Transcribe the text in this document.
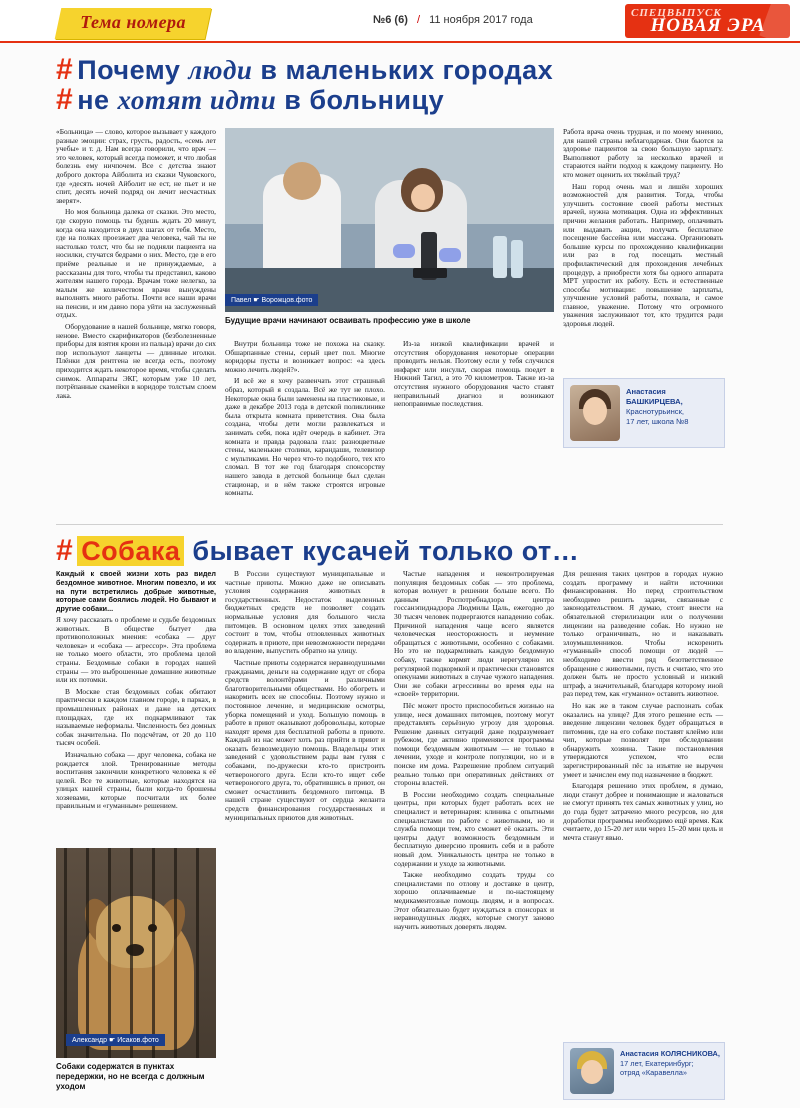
Тема номера	№6 (6) / 11 ноября 2017 года
СПЕЦВЫПУСК
НОВАЯ ЭРА
# Почему люди в маленьких городах
# не хотят идти в больницу

«Больница» — слово, которое вызывает у каждого разные эмоции: страх, грусть, радость, «семь лет учебы» и т. д. Нам всегда говорили, что врач — это человек, который всегда поможет, и что любая болезнь ему ничпочем. Все с детства знают доброго доктора Айболита из сказки Чуковского, где «десять ночей Айболит не ест, не пьет и не спит, десять ночей подряд он лечит несчастных зверят».

Но моя больница далека от сказки. Это место, где скорую помощь ты будешь ждать 20 минут, когда она находится в двух шагах от тебя. Место, где на полках проезжает два человека, чай ты не настолько толст, что бы не подняли пациента на носилки, стучатся бедрами о них. Место, где в его приёме реальные и не принуждаемые, а рассказаны для того, чтобы ты представил, каково жителям нашего города. Врачам тоже нелегко, за малым же количеством врачи вынуждены выполнять много работы. Почти все наши врачи на пенсии, и им давно пора уйти на заслуженный отдых.

Оборудование в нашей больнице, мягко говоря, ненове. Вместо скарификаторов (безболезненные приборы для взятия крови из пальца) врачи до сих пор используют ланцеты — длинные иголки. Плёнки для рентгена не всегда есть, поэтому приходится ждать некоторое время, чтобы сделать снимок. Аппараты ЭКГ, которым уже 10 лет, потрёпанные скамейки в коридоре толстым слоем лака.

Павел ☛ Ворожцов.фото
Будущие врачи начинают осваивать профессию уже в школе

Внутри больница тоже не похожа на сказку. Обшарпанные стены, серый цвет пол. Многие коридоры пусты и возникает вопрос: «а здесь можно лечить людей?».

И всё же я хочу развенчать этот страшный образ, который я создала. Всё же тут не плохо. Некоторые окна были заменены на пластиковые, и даже в декабре 2013 года в детской поликлинике была открыта комната приветствия. Она была создана, чтобы дети могли развлекаться и занимать себя, пока идёт очередь в кабинет. Эта комната и правда радовала глаз: разноцветные стены, маленькие столики, карандаши, телевизор с мультиками. Но через что-то подобного, тех кто сломал. В тот же год благодаря спонсорству нашего завода в детской больнице был сделан стационар, и в нём также строятся игровые комнаты.

Из-за низкой квалификации врачей и отсутствия оборудования некоторые операции проводить нельзя. Поэтому если у тебя случился инфаркт или инсульт, скорая помощь поедет в Нижний Тагил, а это 70 километров. Также из-за отсутствия нужного оборудования часто ставят неправильный диагноз и возникают непоправимые последствия.

Работа врача очень трудная, и по моему мнению, для нашей страны неблагодарная. Они бьются за здоровье пациентов за свою большую зарплату. Выполняют работу за несколько врачей и стараются найти подход к каждому пациенту. Но кто может оценить их тяжёлый труд?

Наш город очень мал и лишён хороших возможностей для развития. Тогда, чтобы улучшить состояние своей работы местных врачей, нужна мотивация. Одна из эффективных причин желания работать. Например, оплачивать или выдавать акции, получать бесплатное посещение бассейна или массажа. Организовать большие курсы по прохождению квалификации или раз в год посещать местный профилактический для прохождения лечебных процедур, а приобрести хотя бы одного аппарата МРТ упростит их работу. Есть и естественные способы мотивации: повышение зарплаты, улучшение условий работы, похвала, и самое главное, уважение. Потому что огромного уважения заслуживают тот, кто трудится ради здоровья людей.

Анастасия БАШКИРЦЕВА,
Краснотурьинск,
17 лет, школа №8
# Собака бывает кусачей только от…
Каждый к своей жизни хоть раз видел бездомное животное. Многим повезло, и их на пути встретились добрые животные, которые сами боялись людей. Но бывают и другие собаки...

Я хочу рассказать о проблеме и судьбе бездомных животных. В обществе бытует два противоположных мнения: «собака — друг человека» и «собака — агрессор». Эта проблема не только моего области, это проблема целой страны. Бездомные собаки в городах нашей страны — это выброшенные домашние животные или их потомки.

В Москве стая бездомных собак обитают практически в каждом главном городе, в парках, в промышленных районах и даже на детских площадках, где их подкармливают так называемые неформалы. Численность без домных собак значительна. По подсчётам, от 20 до 110 тысяч особей.

Изначально собака — друг человека, собака не рождается злой. Тренированные методы воспитания закончили конкретного человека к её целей. Все те животные, которые находятся на улицах нашей страны, были когда-то брошены хозяевами, которые посчитали их более правильным и «гуманным» решением.

В России существуют муниципальные и частные приюты. Можно даже не описывать условия содержания животных в государственных. Недостаток выделенных бюджетных средств не позволяет создать нормальные условия для большого числа питомцев. В основном целях этих заведений состоит в том, чтобы отловленных животных содержать в приюте, при невозможности передачи во владение, выпустить обратно на улицу.

Частные приюты содержатся неравнодушными гражданами, деньги на содержание идут от сбора средств волонтёрами и различными благотворительными обществами. Но обогреть и накормить всех не способны. Поэтому нужно и постоянное лечение, и медицинские осмотры, уборка помещений и уход. Большую помощь в работе в приют оказывают добровольцы, которые находят время для бесплатной работы в приюте. Каждый из нас может хоть раз прийти в приют и оказать безвозмездную помощь. Владельцы этих заведений с удовольствием рады вам гуляя с собаками, по-дружески кто-то пристроить четвероногого друга. Если кто-то ищет себе четвероногого друга, то, обратившись в приют, он сможет осчастливить бездомного питомца. В нашей стране существуют от сердца желанта средств финансирования государственных и муниципальных приютов для животных.

Частые нападения и неконтролируемая популяция бездомных собак — это проблема, которая волнует в решении больше всего. По данным Роспотребнадзора центра госсанэпиднадзора Людмилы Цаль, ежегодно до 30 тысяч человек подвергаются нападению собак. Причиной нападения чаще всего является человеческая неосторожность и неумение обращаться с животными, особенно с собаками. Но это не подкармливать каждую бездомную собаку, также кормят люди нерегулярно их регулярной подкормкой и практически становятся опекунами животных в случае чужого нападения. Они же собаки агрессивны во время еды на «своей» территории.

Пёс может просто приспособиться жизнью на улице, неся домашних питомцев, поэтому могут представлять серьёзную угрозу для здоровья. Решение данных ситуаций даже подразумевает рубежом, где активно применяются программы помощи бездомным животным — не только в лечении, уходе и контроле популяции, но и в поиске им дома. Разрешение проблем ситуаций реально только при оперативных действиях от стороны властей.

В России необходимо создать специальные центры, при которых будет работать всех не специалист и ветеринария: клиника с опытными специалистами по работе с животными, но и служба помощи тем, кто сможет её оказать. Эти центры дадут возможность бездомным и бесплатную диверсию проявить себя и в работе новый дом. Уникальность центра не только в содержании и уходе за животными.

Также необходимо создать труды со специалистами по отлову и доставке в центр, хорошо оплачиваемые и по-настоящему медикаментозные помощь людям, и в вопросах. Этот обязательно будет нуждаться в спонсорах и неравнодушных людях, которые смогут заново научить животных доверять людям.

Для решения таких центров в городах нужно создать программу и найти источники финансирования. Но перед строительством необходимо решить задачи, связанные с законодательством. Я думаю, стоит внести на обязательной стерилизации или о получении лицензии на разведение собак. Но нужно не только ограничивать, но и наказывать злоумышленников. Чтобы искоренить «гуманный» способ помощи от людей — необходимо ввести ряд безответственное обращение с животными, пусть и считаю, что это должен быть не просто условный и низкий штраф, а значительный, благодаря которому иной раз перед тем, как «гуманно» оставить животное.

Но как же в таком случае распознать собак оказались на улице? Для этого решение есть — введение лицензии человек будет обращаться в питомник, где на его собаке поставят клеймо или чип, которые позволят при обследовании обнаружить хозяина. Такие постановления утверждаются успехом, что если зарегистрированный пёс за изъятие не выручен умеет и зачислен ему под назначение в бюджет.

Благодаря решению этих проблем, я думаю, люди станут добрее и понимающие и жаловаться не смогут принять тех самых животных у улиц, но до года будет затрачено много ресурсов, но для доработки программы необходимо ещё время. Как считаете, до 15-20 лет или через 15–20 мин цель и мечта станут явью.

Александр ☛ Исаков.фото
Собаки содержатся в пунктах передержки, но не всегда с должным уходом
Анастасия КОЛЯСНИКОВА,
17 лет, Екатеринбург;
отряд «Каравелла»
